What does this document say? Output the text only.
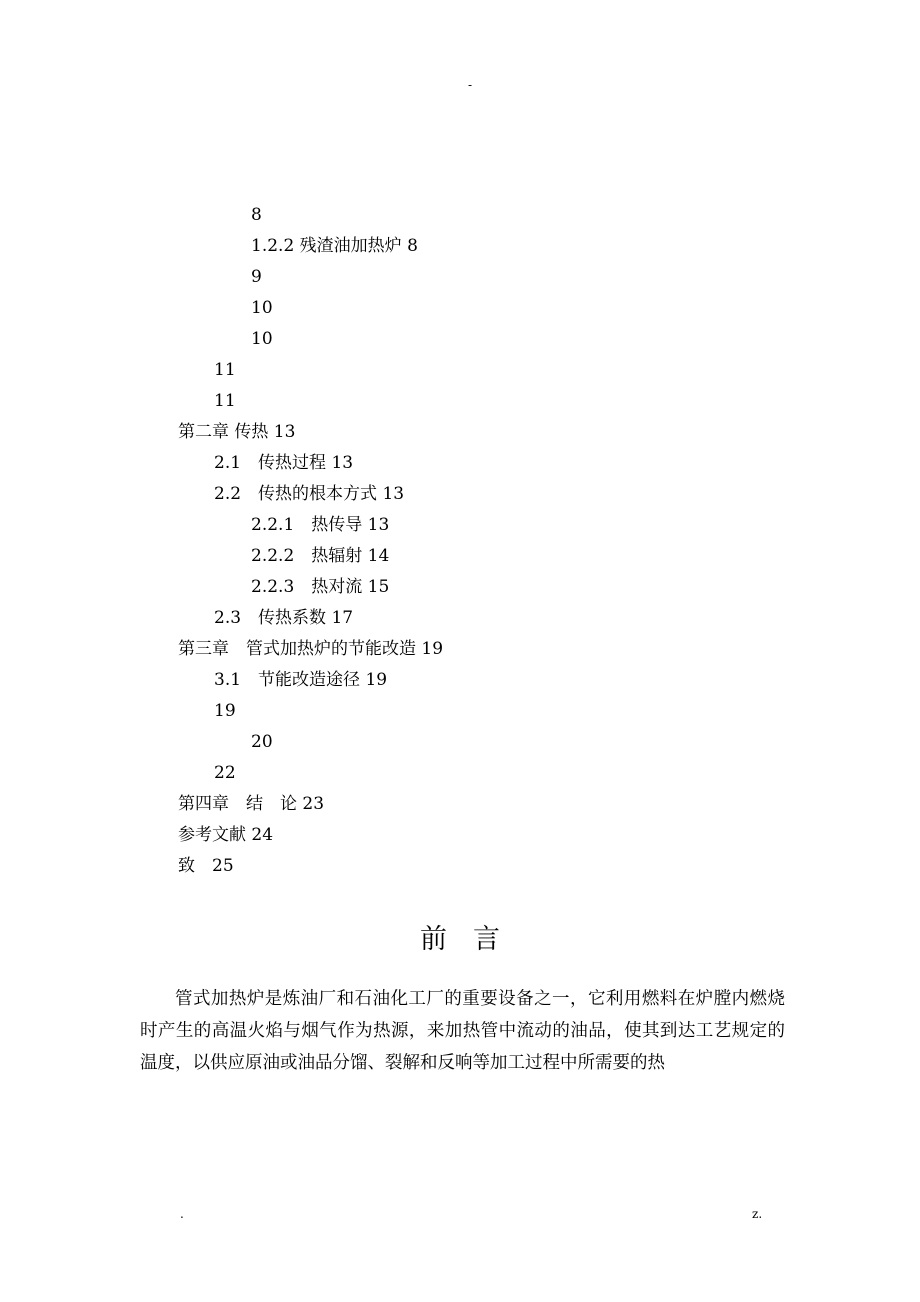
-
8
1.2.2 残渣油加热炉 8
9
10
10
11
11
第二章 传热 13
2.1　传热过程 13
2.2　传热的根本方式 13
2.2.1　热传导 13
2.2.2　热辐射 14
2.2.3　热对流 15
2.3　传热系数 17
第三章　管式加热炉的节能改造 19
3.1　节能改造途径 19
19
20
22
第四章　结　论 23
参考文献 24
致　25
前言

管式加热炉是炼油厂和石油化工厂的重要设备之一，它利用燃料在炉膛内燃烧时产生的高温火焰与烟气作为热源，来加热管中流动的油品，使其到达工艺规定的温度，以供应原油或油品分馏、裂解和反响等加工过程中所需要的热

.	z.
